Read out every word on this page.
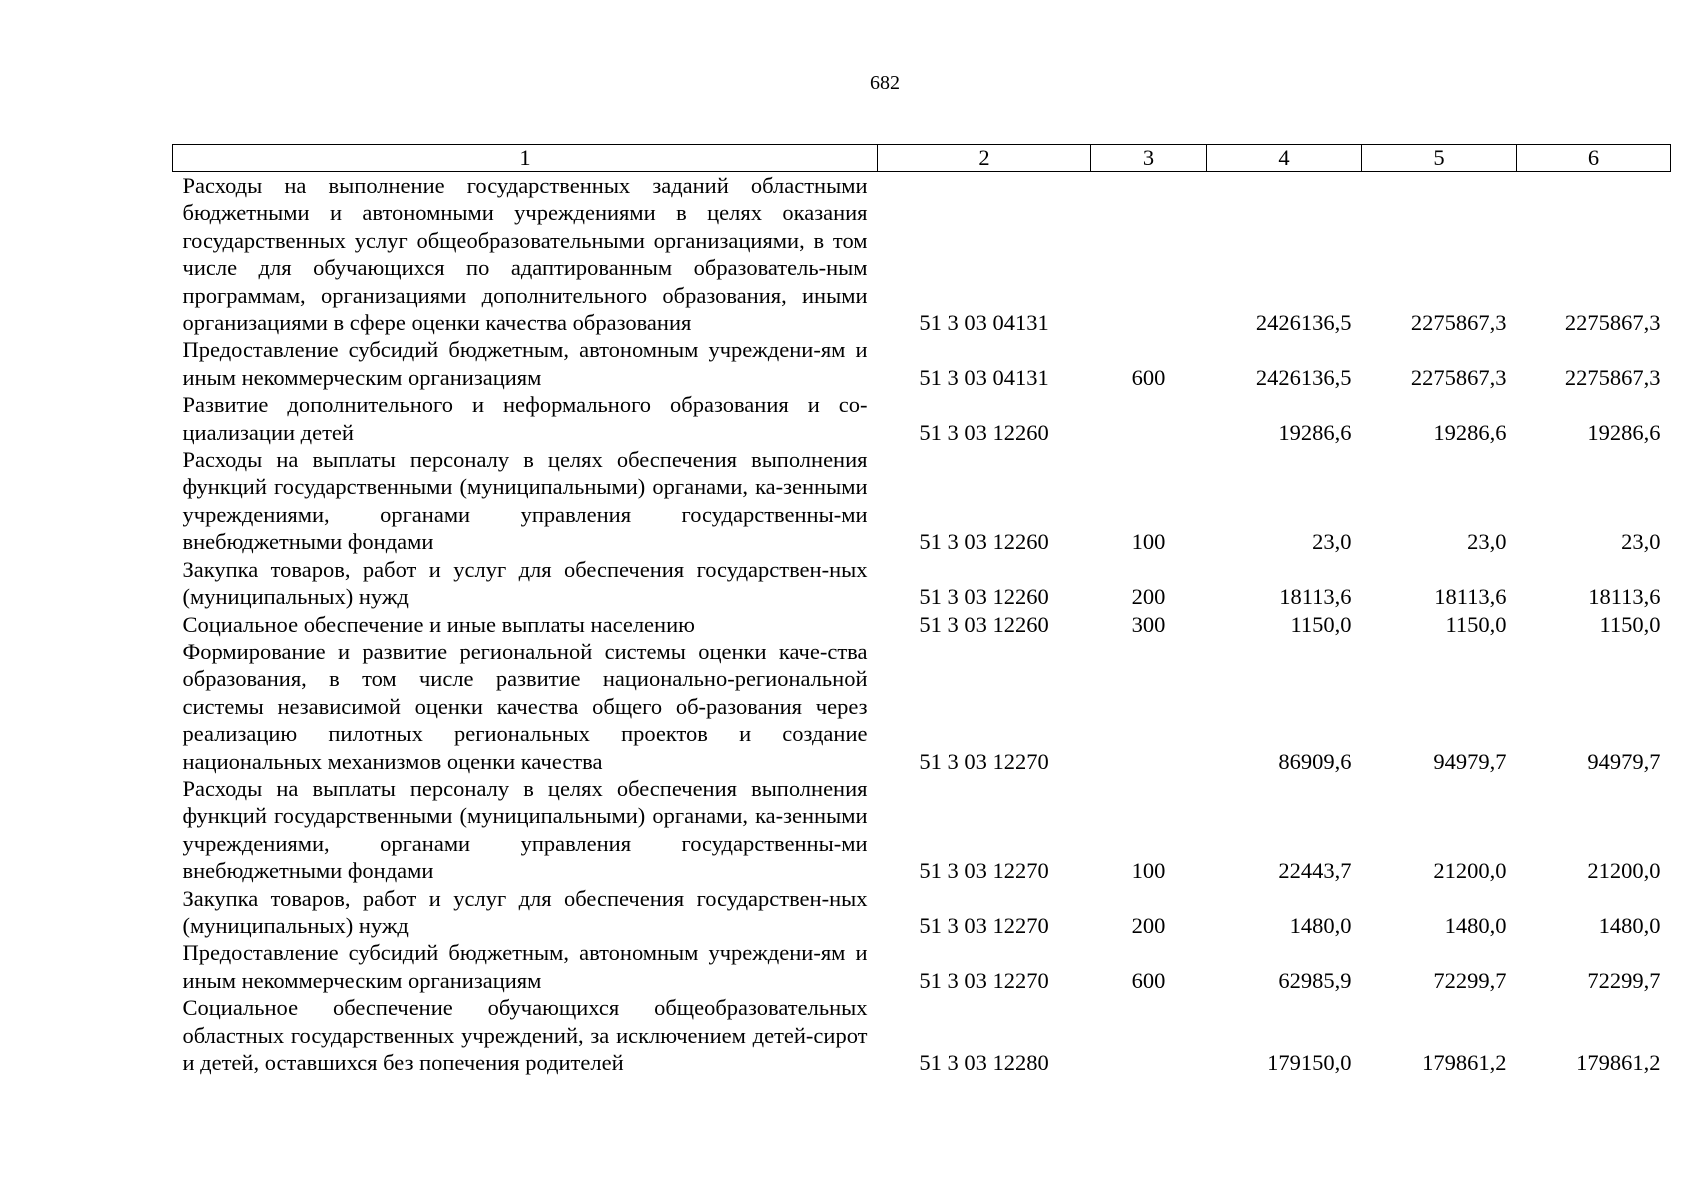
682
1	2	3	4	5	6
Расходы на выполнение государственных заданий областными бюджетными и автономными учреждениями в целях оказания государственных услуг общеобразовательными организациями, в том числе для обучающихся по адаптированным образователь-ным программам, организациями дополнительного образования, иными организациями в сфере оценки качества образования	51 3 03 04131		2426136,5	2275867,3	2275867,3
Предоставление субсидий бюджетным, автономным учреждени-ям и иным некоммерческим организациям	51 3 03 04131	600	2426136,5	2275867,3	2275867,3
Развитие дополнительного и неформального образования и со-циализации детей	51 3 03 12260		19286,6	19286,6	19286,6
Расходы на выплаты персоналу в целях обеспечения выполнения функций государственными (муниципальными) органами, ка-зенными учреждениями, органами управления государственны-ми внебюджетными фондами	51 3 03 12260	100	23,0	23,0	23,0
Закупка товаров, работ и услуг для обеспечения государствен-ных (муниципальных) нужд	51 3 03 12260	200	18113,6	18113,6	18113,6
Социальное обеспечение и иные выплаты населению	51 3 03 12260	300	1150,0	1150,0	1150,0
Формирование и развитие региональной системы оценки каче-ства образования, в том числе развитие национально-региональной системы независимой оценки качества общего об-разования через реализацию пилотных региональных проектов и создание национальных механизмов оценки качества	51 3 03 12270		86909,6	94979,7	94979,7
Расходы на выплаты персоналу в целях обеспечения выполнения функций государственными (муниципальными) органами, ка-зенными учреждениями, органами управления государственны-ми внебюджетными фондами	51 3 03 12270	100	22443,7	21200,0	21200,0
Закупка товаров, работ и услуг для обеспечения государствен-ных (муниципальных) нужд	51 3 03 12270	200	1480,0	1480,0	1480,0
Предоставление субсидий бюджетным, автономным учреждени-ям и иным некоммерческим организациям	51 3 03 12270	600	62985,9	72299,7	72299,7
Социальное обеспечение обучающихся общеобразовательных областных государственных учреждений, за исключением детей-сирот и детей, оставшихся без попечения родителей	51 3 03 12280		179150,0	179861,2	179861,2
